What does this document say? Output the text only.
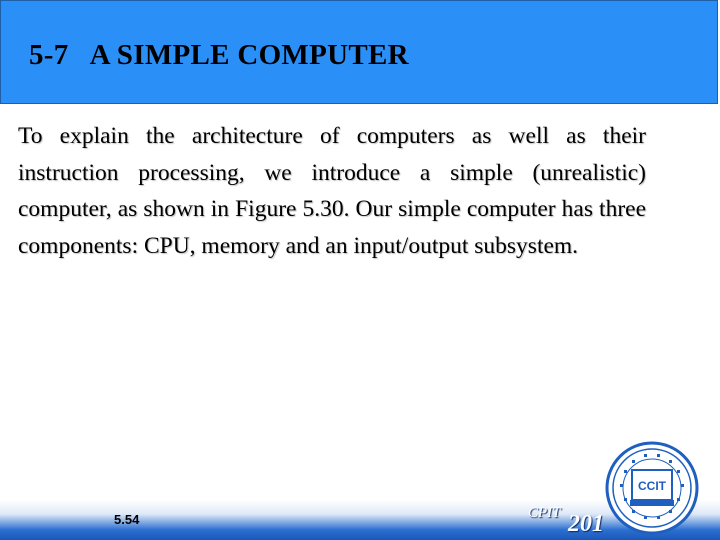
5-7   A SIMPLE COMPUTER
To explain the architecture of computers as well as their instruction processing, we introduce a simple (unrealistic) computer, as shown in Figure 5.30. Our simple computer has three components: CPU, memory and an input/output subsystem.
5.54	CPIT 201
CCIT
